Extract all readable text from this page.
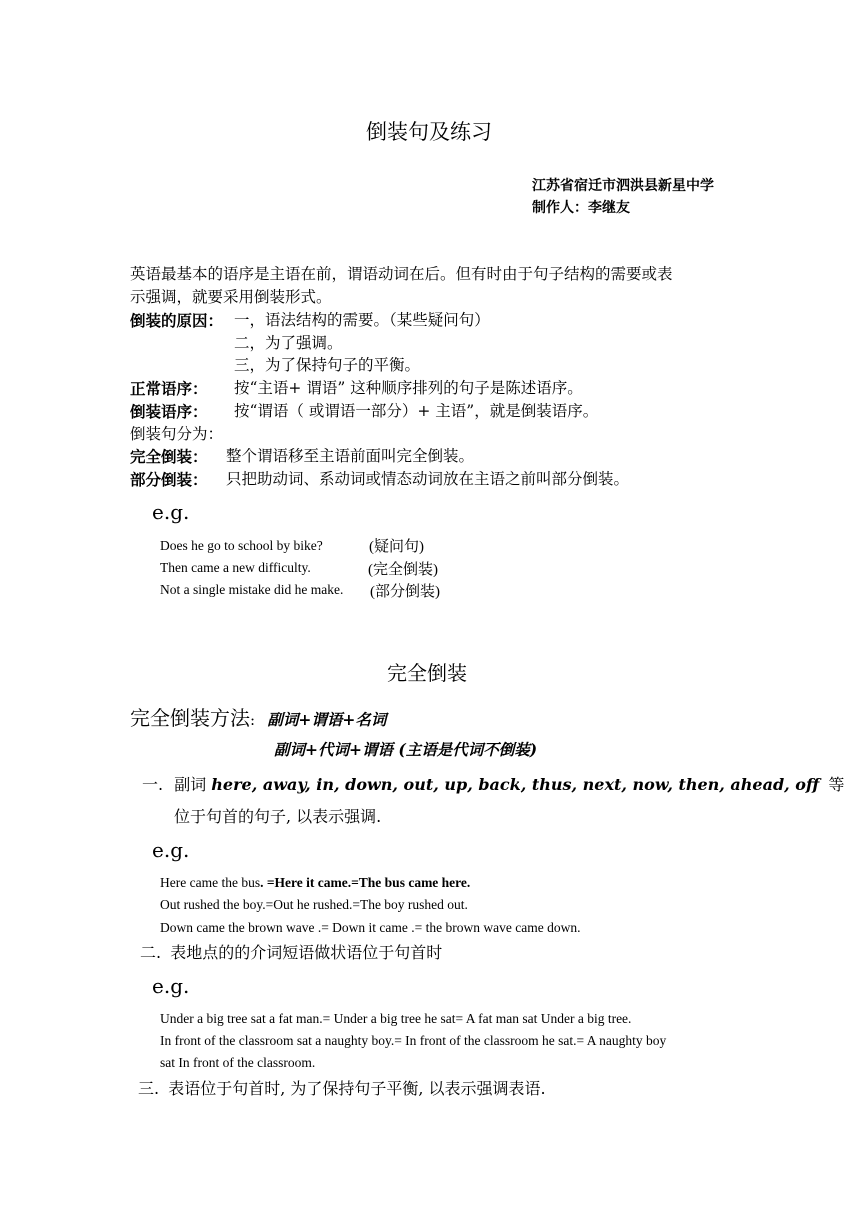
倒装句及练习
江苏省宿迁市泗洪县新星中学
制作人：李继友
英语最基本的语序是主语在前，谓语动词在后。但有时由于句子结构的需要或表
示强调，就要采用倒装形式。
倒装的原因： 一，语法结构的需要。（某些疑问句）
二，为了强调。
三，为了保持句子的平衡。
正常语序： 按“主语+ 谓语” 这种顺序排列的句子是陈述语序。
倒装语序： 按“谓语（ 或谓语一部分）+ 主语”，就是倒装语序。
倒装句分为：
完全倒装： 整个谓语移至主语前面叫完全倒装。
部分倒装： 只把助动词、系动词或情态动词放在主语之前叫部分倒装。
e.g.
Does he go to school by bike?	(疑问句)
Then came a new difficulty.	(完全倒装)
Not a single mistake did he make. (部分倒装)
完全倒装
完全倒装方法: 副词+谓语+名词
副词+代词+谓语 (主语是代词不倒装)
一. 副词 here, away, in, down, out, up, back, thus, next, now, then, ahead, off 等
位于句首的句子, 以表示强调.
e.g.
Here came the bus. =Here it came.=The bus came here.
Out rushed the boy.=Out he rushed.=The boy rushed out.
Down came the brown wave .= Down it came .= the brown wave came down.
二. 表地点的的介词短语做状语位于句首时
e.g.
Under a big tree sat a fat man.= Under a big tree he sat= A fat man sat Under a big tree.
In front of the classroom sat a naughty boy.= In front of the classroom he sat.= A naughty boy
sat In front of the classroom.
三. 表语位于句首时, 为了保持句子平衡, 以表示强调表语.
